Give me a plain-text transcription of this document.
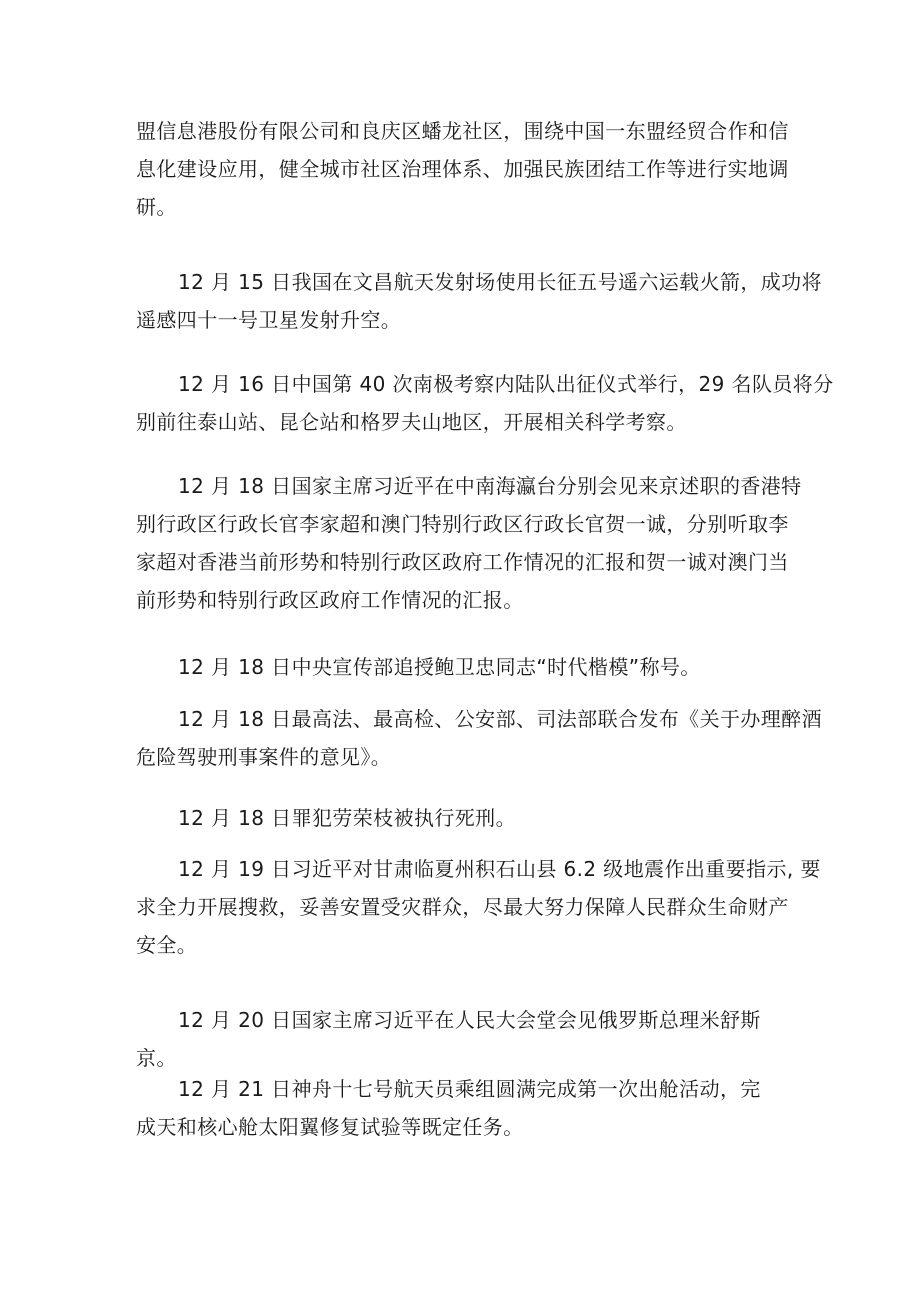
盟信息港股份有限公司和良庆区蟠龙社区，围绕中国一东盟经贸合作和信
息化建设应用，健全城市社区治理体系、加强民族团结工作等进行实地调
研。

12 月 15 日我国在文昌航天发射场使用长征五号遥六运载火箭，成功将
遥感四十一号卫星发射升空。

12 月 16 日中国第 40 次南极考察内陆队出征仪式举行，29 名队员将分
别前往泰山站、昆仑站和格罗夫山地区，开展相关科学考察。

12 月 18 日国家主席习近平在中南海瀛台分别会见来京述职的香港特
别行政区行政长官李家超和澳门特别行政区行政长官贺一诚，分别听取李
家超对香港当前形势和特别行政区政府工作情况的汇报和贺一诚对澳门当
前形势和特别行政区政府工作情况的汇报。

12 月 18 日中央宣传部追授鲍卫忠同志“时代楷模”称号。

12 月 18 日最高法、最高检、公安部、司法部联合发布《关于办理醉酒
危险驾驶刑事案件的意见》。

12 月 18 日罪犯劳荣枝被执行死刑。

12 月 19 日习近平对甘肃临夏州积石山县 6.2 级地震作出重要指示, 要
求全力开展搜救，妥善安置受灾群众，尽最大努力保障人民群众生命财产
安全。

12 月 20 日国家主席习近平在人民大会堂会见俄罗斯总理米舒斯
京。

12 月 21 日神舟十七号航天员乘组圆满完成第一次出舱活动，完
成天和核心舱太阳翼修复试验等既定任务。
